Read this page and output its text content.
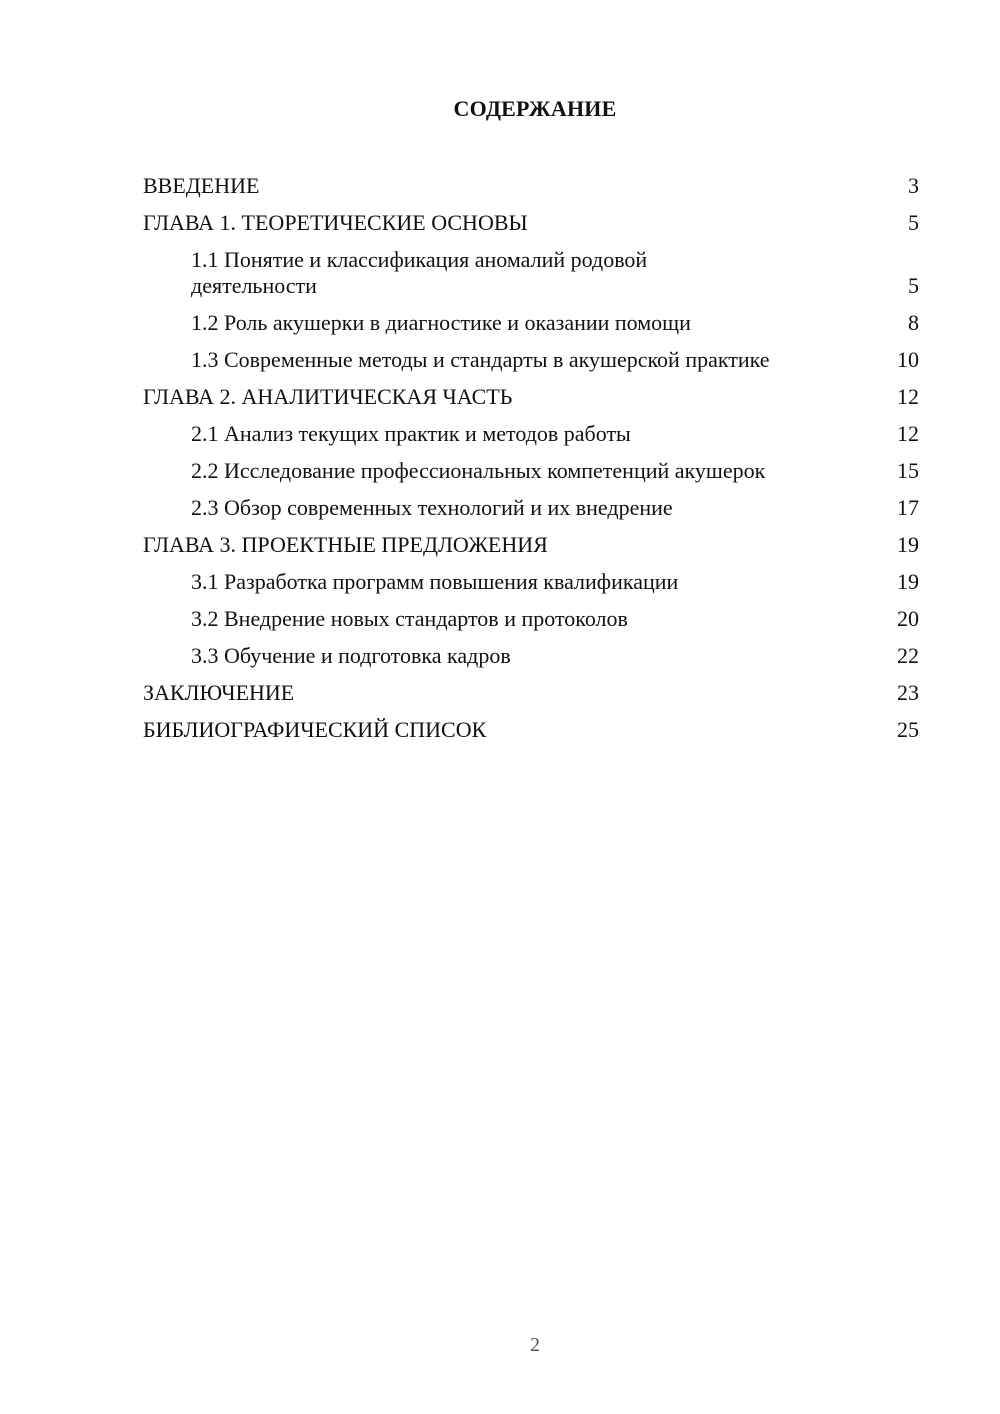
СОДЕРЖАНИЕ
ВВЕДЕНИЕ	3
ГЛАВА 1. ТЕОРЕТИЧЕСКИЕ ОСНОВЫ	5
1.1 Понятие и классификация аномалий родовой деятельности	5
1.2 Роль акушерки в диагностике и оказании помощи	8
1.3 Современные методы и стандарты в акушерской практике	10
ГЛАВА 2. АНАЛИТИЧЕСКАЯ ЧАСТЬ	12
2.1 Анализ текущих практик и методов работы	12
2.2 Исследование профессиональных компетенций акушерок	15
2.3 Обзор современных технологий и их внедрение	17
ГЛАВА 3. ПРОЕКТНЫЕ ПРЕДЛОЖЕНИЯ	19
3.1 Разработка программ повышения квалификации	19
3.2 Внедрение новых стандартов и протоколов	20
3.3 Обучение и подготовка кадров	22
ЗАКЛЮЧЕНИЕ	23
БИБЛИОГРАФИЧЕСКИЙ СПИСОК	25
2
